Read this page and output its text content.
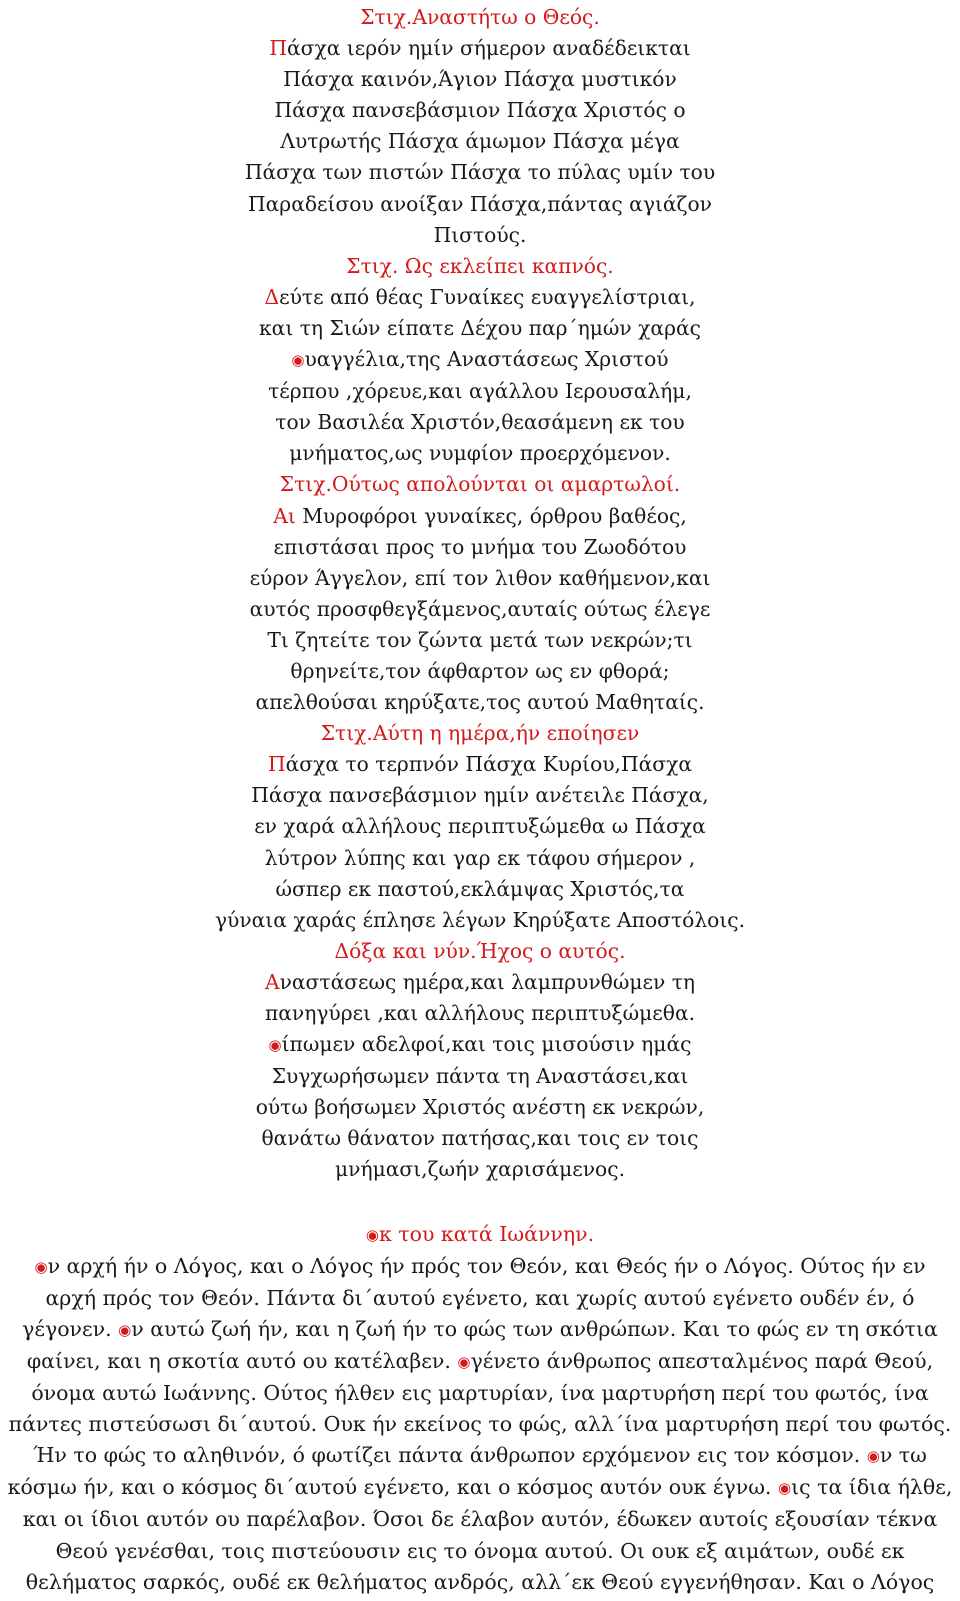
Στιχ.Αναστήτω ο Θεός.
Πάσχα ιερόν ημίν σήμερον αναδέδεικται
Πάσχα καινόν,Άγιον Πάσχα μυστικόν
Πάσχα πανσεβάσμιον Πάσχα Χριστός ο
Λυτρωτής Πάσχα άμωμον Πάσχα μέγα
Πάσχα των πιστών Πάσχα το πύλας υμίν του
Παραδείσου ανοίξαν Πάσχα,πάντας αγιάζον
Πιστούς.
Στιχ. Ως εκλείπει καπνός.
Δεύτε από θέας Γυναίκες ευαγγελίστριαι,
και τη Σιών είπατε Δέχου παρ΄ημών χαράς
◉υαγγέλια,της Αναστάσεως Χριστού
τέρπου ,χόρευε,και αγάλλου Ιερουσαλήμ,
τον Βασιλέα Χριστόν,θεασάμενη εκ του
μνήματος,ως νυμφίον προερχόμενον.
Στιχ.Ούτως απολούνται οι αμαρτωλοί.
Αι Μυροφόροι γυναίκες, όρθρου βαθέος,
επιστάσαι προς το μνήμα του Ζωοδότου
εύρον Άγγελον, επί τον λιθον καθήμενον,και
αυτός προσφθεγξάμενος,αυταίς ούτως έλεγε
Τι ζητείτε τον ζώντα μετά των νεκρών;τι
θρηνείτε,τον άφθαρτον ως εν φθορά;
απελθούσαι κηρύξατε,τος αυτού Μαθηταίς.
Στιχ.Αύτη η ημέρα,ήν εποίησεν
Πάσχα το τερπνόν Πάσχα Κυρίου,Πάσχα
Πάσχα πανσεβάσμιον ημίν ανέτειλε Πάσχα,
εν χαρά αλλήλους περιπτυξώμεθα ω Πάσχα
λύτρον λύπης και γαρ εκ τάφου σήμερον ,
ώσπερ εκ παστού,εκλάμψας Χριστός,τα
γύναια χαράς έπλησε λέγων Κηρύξατε Αποστόλοις.
Δόξα και νύν.Ήχος ο αυτός.
Αναστάσεως ημέρα,και λαμπρυνθώμεν τη
πανηγύρει ,και αλλήλους περιπτυξώμεθα.
◉ίπωμεν αδελφοί,και τοις μισούσιν ημάς
Συγχωρήσωμεν πάντα τη Αναστάσει,και
ούτω βοήσωμεν Χριστός ανέστη εκ νεκρών,
θανάτω θάνατον πατήσας,και τοις εν τοις
μνήμασι,ζωήν χαρισάμενος.
◉κ του κατά Ιωάννην.
◉ν αρχή ήν ο Λόγος, και ο Λόγος ήν πρός τον Θεόν, και Θεός ήν ο Λόγος. Ούτος ήν εν
αρχή πρός τον Θεόν. Πάντα δι΄αυτού εγένετο, και χωρίς αυτού εγένετο ουδέν έν, ό
γέγονεν. ◉ν αυτώ ζωή ήν, και η ζωή ήν το φώς των ανθρώπων. Και το φώς εν τη σκότια
φαίνει, και η σκοτία αυτό ου κατέλαβεν. ◉γένετο άνθρωπος απεσταλμένος παρά Θεού,
όνομα αυτώ Ιωάννης. Ούτος ήλθεν εις μαρτυρίαν, ίνα μαρτυρήση περί του φωτός, ίνα
πάντες πιστεύσωσι δι΄αυτού. Ουκ ήν εκείνος το φώς, αλλ΄ίνα μαρτυρήση περί του φωτός.
Ήν το φώς το αληθινόν, ό φωτίζει πάντα άνθρωπον ερχόμενον εις τον κόσμον. ◉ν τω
κόσμω ήν, και ο κόσμος δι΄αυτού εγένετο, και ο κόσμος αυτόν ουκ έγνω. ◉ις τα ίδια ήλθε,
και οι ίδιοι αυτόν ου παρέλαβον. Όσοι δε έλαβον αυτόν, έδωκεν αυτοίς εξουσίαν τέκνα
Θεού γενέσθαι, τοις πιστεύουσιν εις το όνομα αυτού. Οι ουκ εξ αιμάτων, ουδέ εκ
θελήματος σαρκός, ουδέ εκ θελήματος ανδρός, αλλ΄εκ Θεού εγγενήθησαν. Και ο Λόγος
